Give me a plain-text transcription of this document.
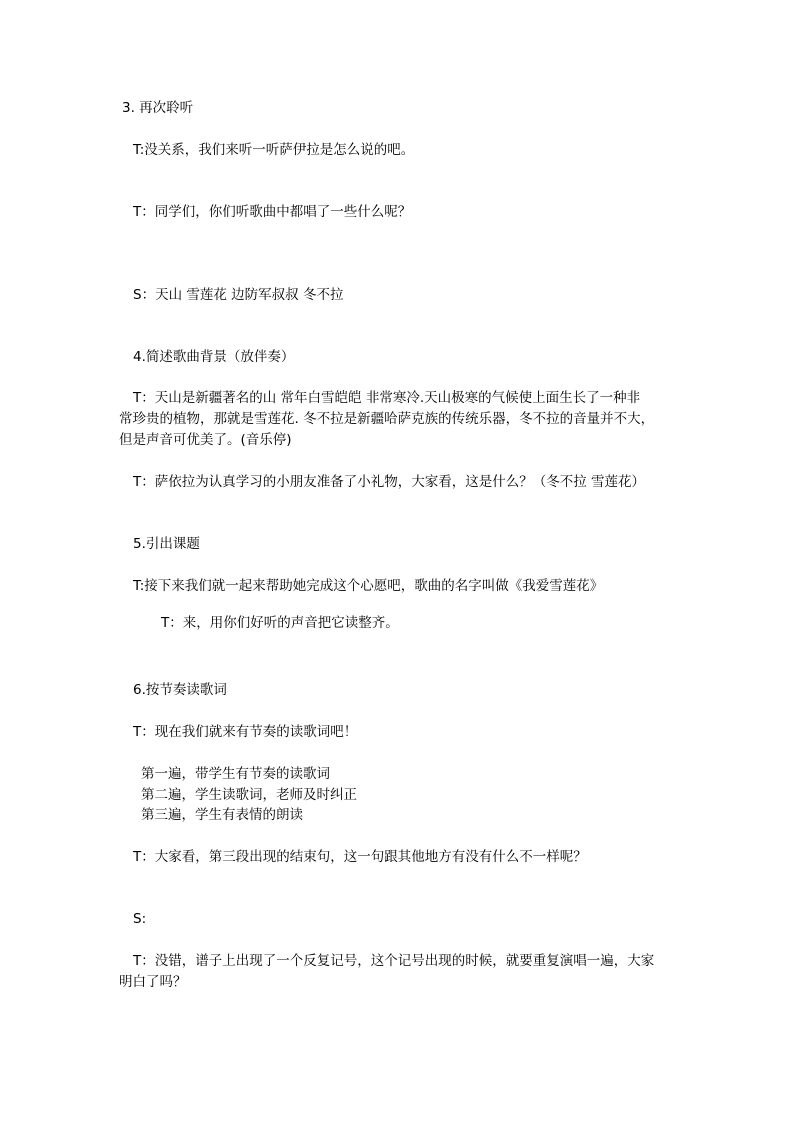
3. 再次聆听
T:没关系，我们来听一听萨伊拉是怎么说的吧。
T：同学们，你们听歌曲中都唱了一些什么呢？
S：天山 雪莲花 边防军叔叔 冬不拉
4.简述歌曲背景（放伴奏）
T：天山是新疆著名的山 常年白雪皑皑 非常寒冷.天山极寒的气候使上面生长了一种非
常珍贵的植物，那就是雪莲花. 冬不拉是新疆哈萨克族的传统乐器，冬不拉的音量并不大，
但是声音可优美了。(音乐停)
T：萨依拉为认真学习的小朋友准备了小礼物，大家看，这是什么？（冬不拉 雪莲花）
5.引出课题
T:接下来我们就一起来帮助她完成这个心愿吧，歌曲的名字叫做《我爱雪莲花》
T：来，用你们好听的声音把它读整齐。
6.按节奏读歌词
T：现在我们就来有节奏的读歌词吧！
第一遍，带学生有节奏的读歌词
第二遍，学生读歌词，老师及时纠正
第三遍，学生有表情的朗读
T：大家看，第三段出现的结束句，这一句跟其他地方有没有什么不一样呢？
S:
T：没错，谱子上出现了一个反复记号，这个记号出现的时候，就要重复演唱一遍，大家
明白了吗？
